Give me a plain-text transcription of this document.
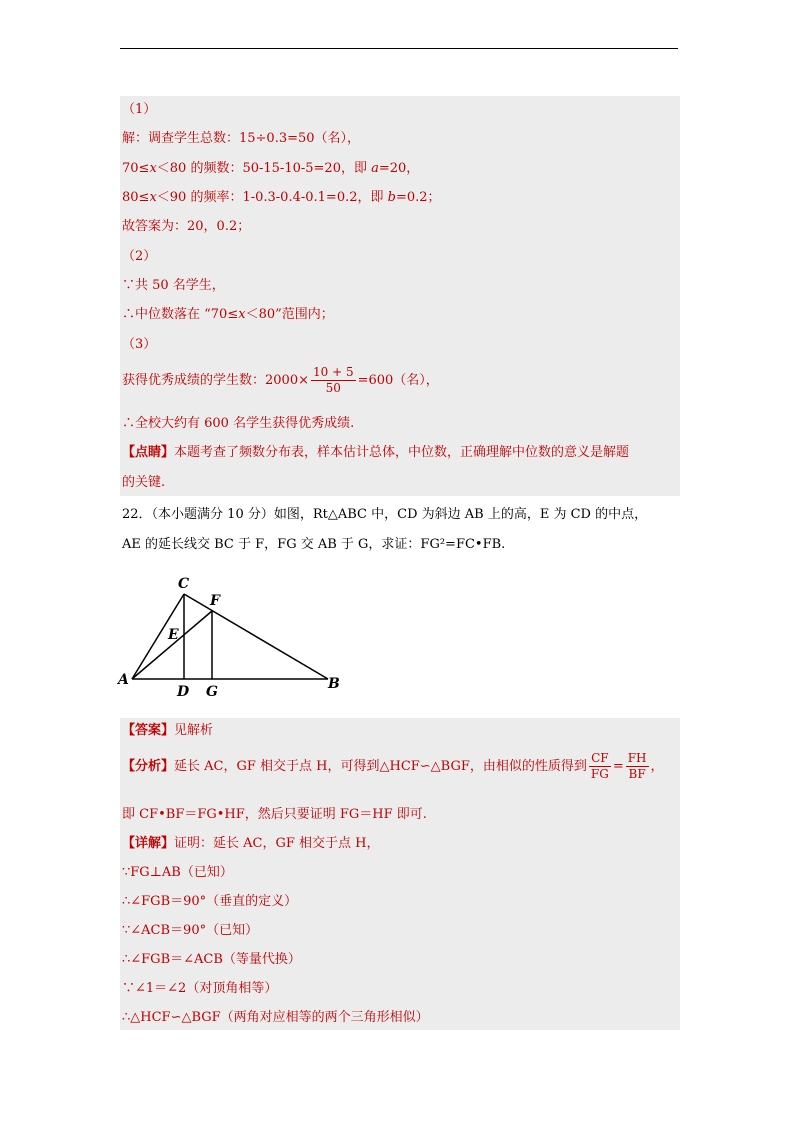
（1）
解：调查学生总数：15÷0.3=50（名），
70≤x＜80 的频数：50-15-10-5=20，即 a=20，
80≤x＜90 的频率：1-0.3-0.4-0.1=0.2，即 b=0.2；
故答案为：20，0.2；
（2）
∵共 50 名学生，
∴中位数落在 “70≤x＜80”范围内；
（3）
获得优秀成绩的学生数：$2000\times \frac{10 + 5}{50} =600$（名），
∴全校大约有 600 名学生获得优秀成绩.
【点睛】本题考查了频数分布表，样本估计总体，中位数，正确理解中位数的意义是解题
的关键.
22．（本小题满分 10 分）如图，Rt△ABC 中，CD 为斜边 AB 上的高，E 为 CD 的中点，
AE 的延长线交 BC 于 F，FG 交 AB 于 G，求证：FG²=FC•FB.
C
F
E
A	B
D G
【答案】见解析
【分析】延长 AC，GF 相交于点 H，可得到△HCF∽△BGF，由相似的性质得到 $\frac{CF}{FG} = \frac{FH}{BF}$ ，
即 CF•BF＝FG•HF，然后只要证明 FG＝HF 即可.
【详解】证明：延长 AC，GF 相交于点 H，
∵FG⊥AB（已知）
∴∠FGB＝90°（垂直的定义）
∵∠ACB＝90°（已知）
∴∠FGB＝∠ACB（等量代换）
∵∠1＝∠2（对顶角相等）
∴△HCF∽△BGF（两角对应相等的两个三角形相似）
